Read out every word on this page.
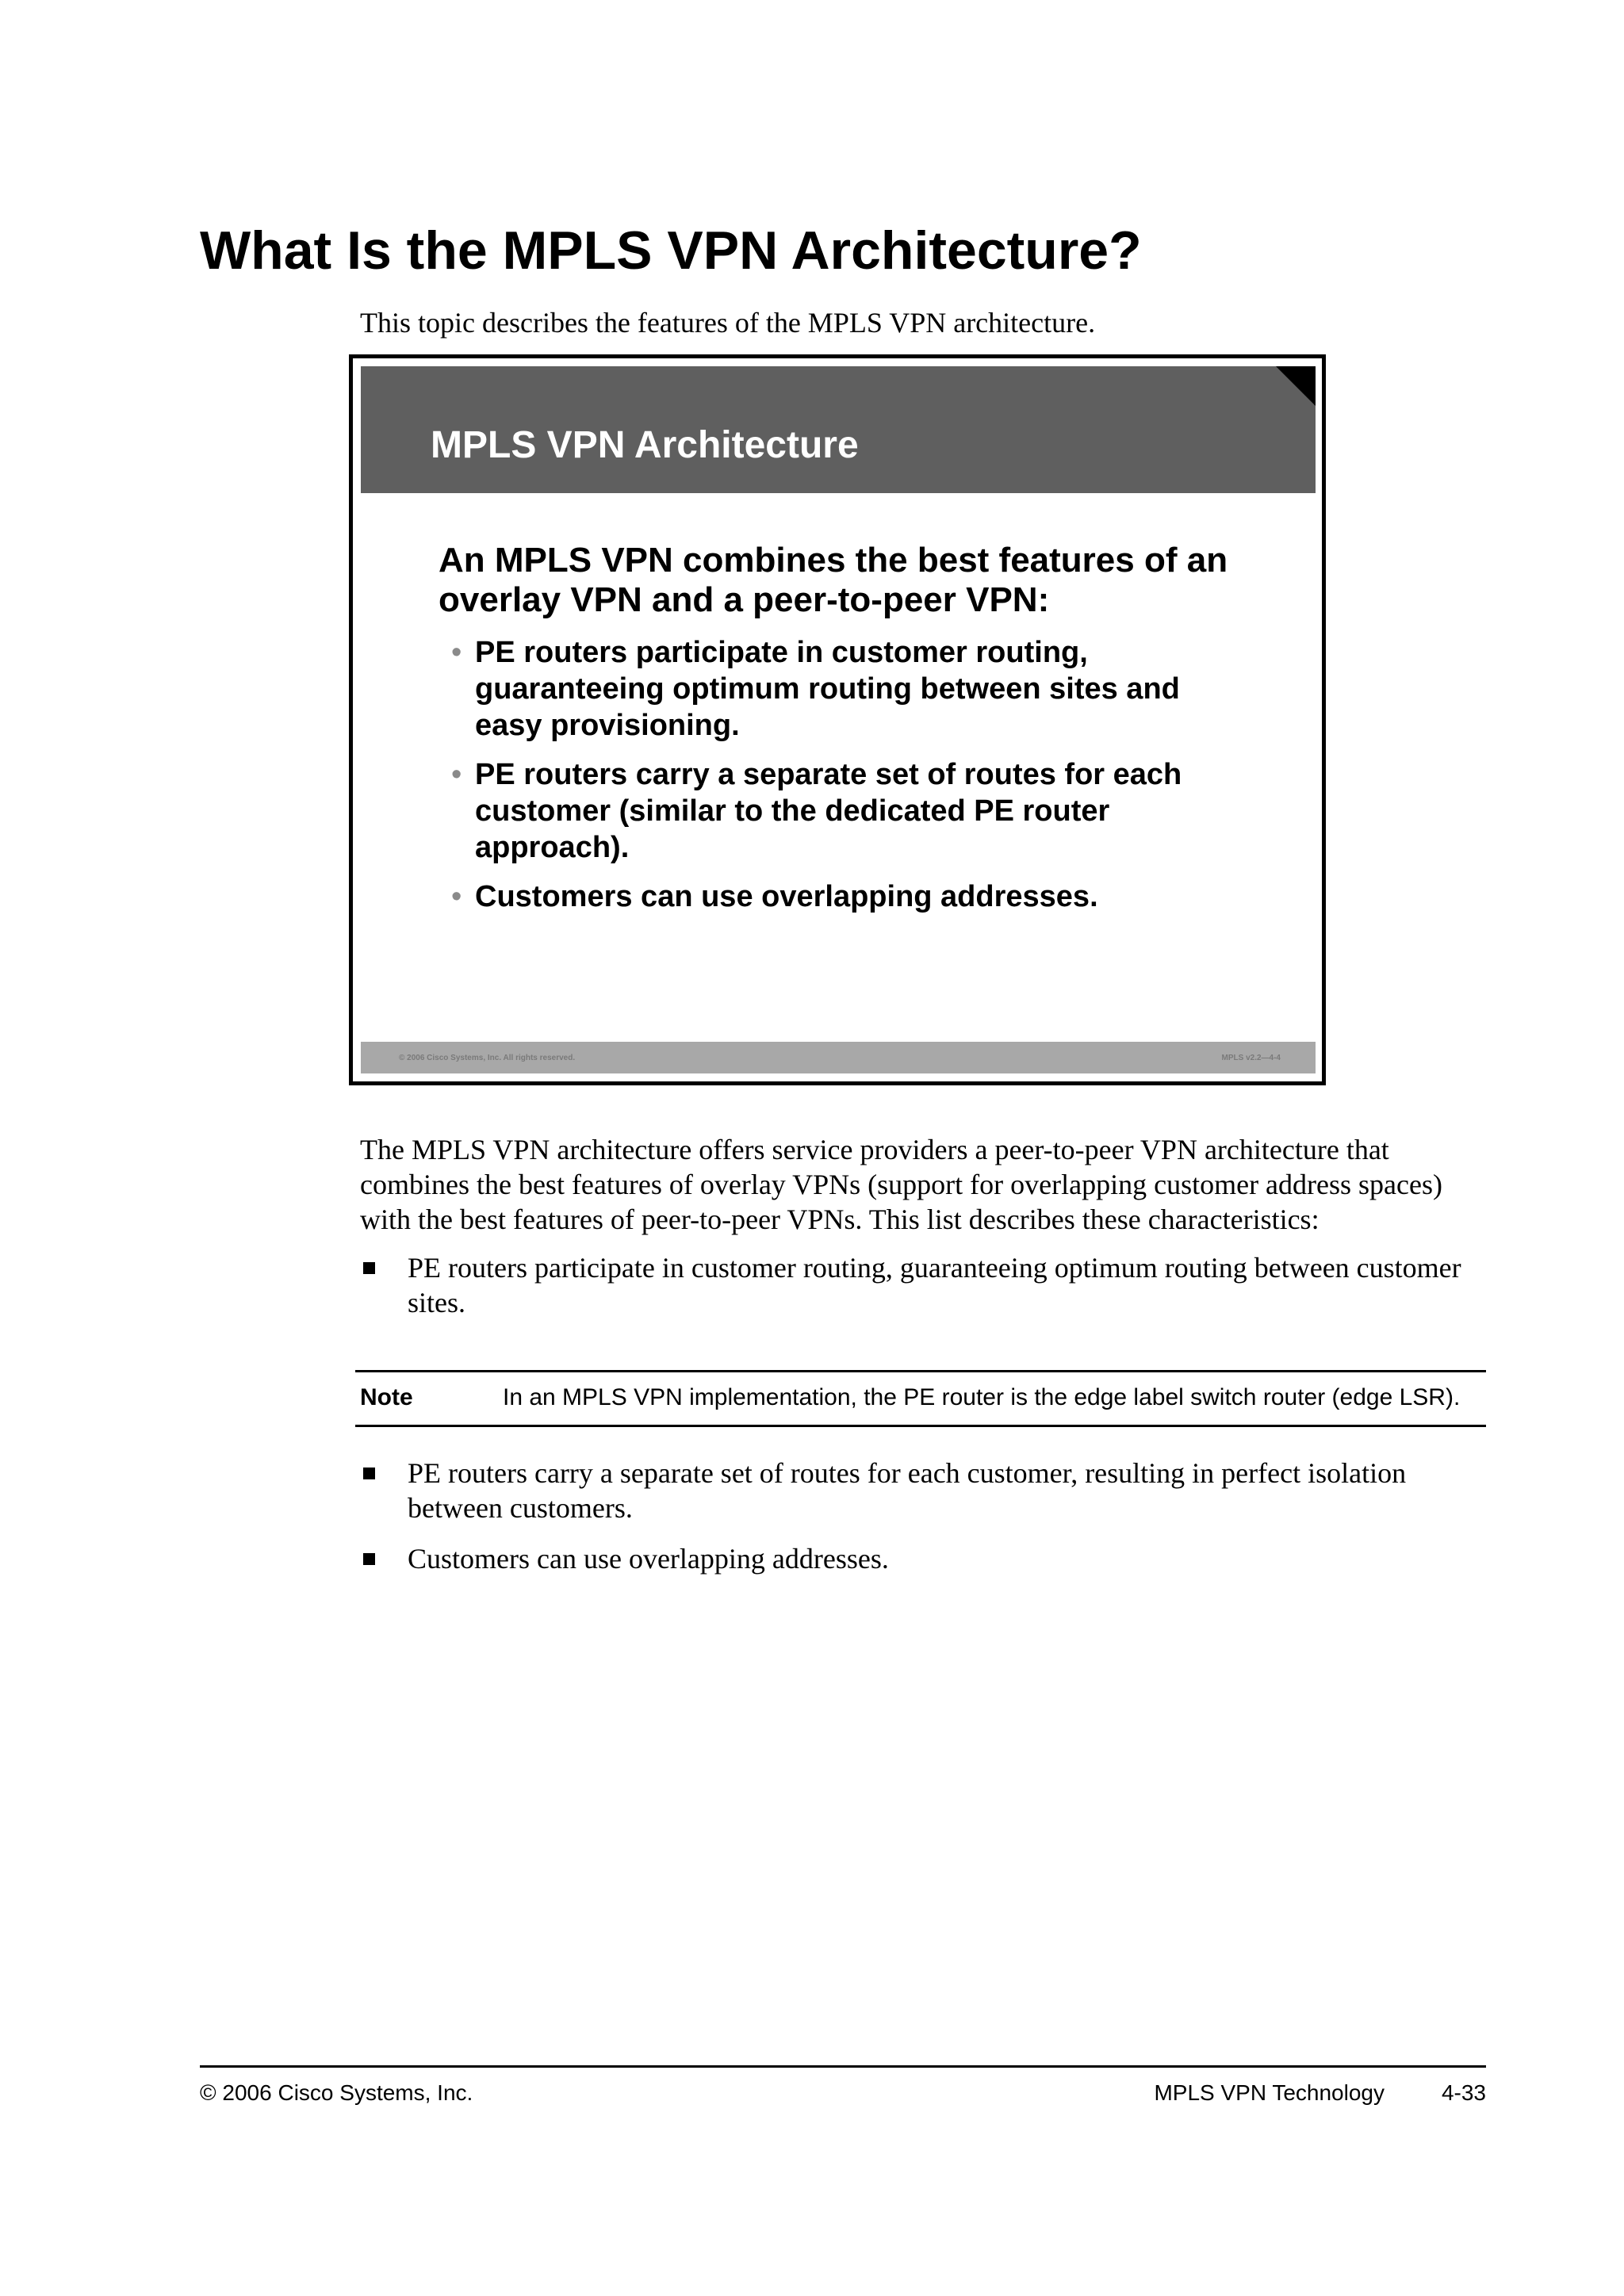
What Is the MPLS VPN Architecture?
This topic describes the features of the MPLS VPN architecture.
MPLS VPN Architecture

An MPLS VPN combines the best features of an overlay VPN and a peer-to-peer VPN:

• PE routers participate in customer routing, guaranteeing optimum routing between sites and easy provisioning.
• PE routers carry a separate set of routes for each customer (similar to the dedicated PE router approach).
• Customers can use overlapping addresses.
© 2006 Cisco Systems, Inc. All rights reserved.	MPLS v2.2—4-4

The MPLS VPN architecture offers service providers a peer-to-peer VPN architecture that combines the best features of overlay VPNs (support for overlapping customer address spaces) with the best features of peer-to-peer VPNs. This list describes these characteristics:

PE routers participate in customer routing, guaranteeing optimum routing between customer sites.
Note	In an MPLS VPN implementation, the PE router is the edge label switch router (edge LSR).
PE routers carry a separate set of routes for each customer, resulting in perfect isolation between customers.
Customers can use overlapping addresses.
© 2006 Cisco Systems, Inc.	MPLS VPN Technology	4-33
